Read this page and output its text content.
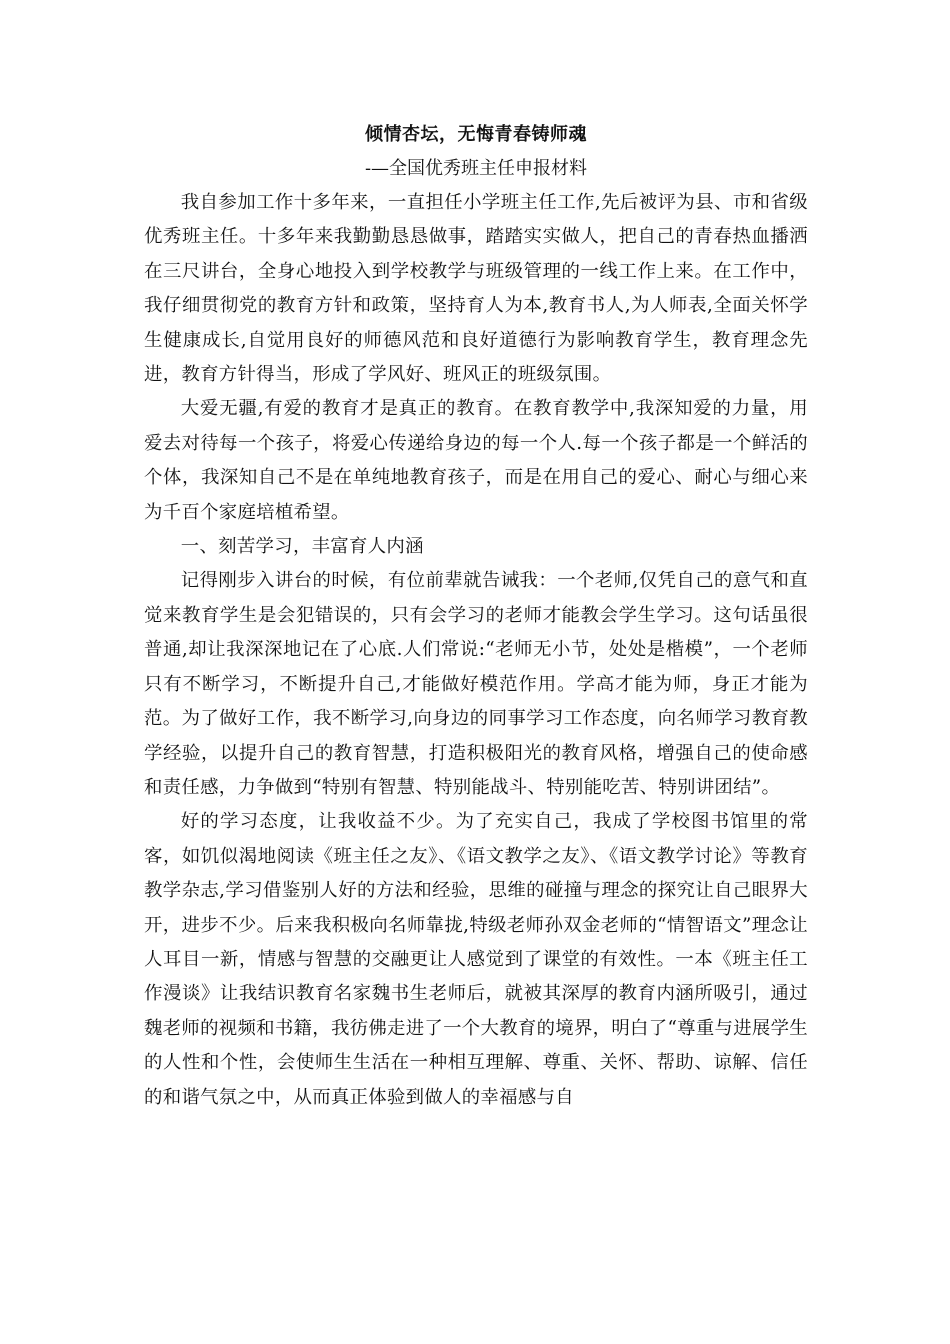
倾情杏坛，无悔青春铸师魂

-—全国优秀班主任申报材料

我自参加工作十多年来，一直担任小学班主任工作,先后被评为县、市和省级优秀班主任。十多年来我勤勤恳恳做事，踏踏实实做人，把自己的青春热血播洒在三尺讲台，全身心地投入到学校教学与班级管理的一线工作上来。在工作中，我仔细贯彻党的教育方针和政策，坚持育人为本,教育书人,为人师表,全面关怀学生健康成长,自觉用良好的师德风范和良好道德行为影响教育学生，教育理念先进，教育方针得当，形成了学风好、班风正的班级氛围。

大爱无疆,有爱的教育才是真正的教育。在教育教学中,我深知爱的力量，用爱去对待每一个孩子，将爱心传递给身边的每一个人.每一个孩子都是一个鲜活的个体，我深知自己不是在单纯地教育孩子，而是在用自己的爱心、耐心与细心来为千百个家庭培植希望。

一、刻苦学习，丰富育人内涵

记得刚步入讲台的时候，有位前辈就告诫我：一个老师,仅凭自己的意气和直觉来教育学生是会犯错误的，只有会学习的老师才能教会学生学习。这句话虽很普通,却让我深深地记在了心底.人们常说:“老师无小节，处处是楷模”，一个老师只有不断学习，不断提升自己,才能做好模范作用。学高才能为师，身正才能为范。为了做好工作，我不断学习,向身边的同事学习工作态度，向名师学习教育教学经验，以提升自己的教育智慧，打造积极阳光的教育风格，增强自己的使命感和责任感，力争做到“特别有智慧、特别能战斗、特别能吃苦、特别讲团结”。

好的学习态度，让我收益不少。为了充实自己，我成了学校图书馆里的常客，如饥似渴地阅读《班主任之友》、《语文教学之友》、《语文教学讨论》等教育教学杂志,学习借鉴别人好的方法和经验，思维的碰撞与理念的探究让自己眼界大开，进步不少。后来我积极向名师靠拢,特级老师孙双金老师的“情智语文”理念让人耳目一新，情感与智慧的交融更让人感觉到了课堂的有效性。一本《班主任工作漫谈》让我结识教育名家魏书生老师后，就被其深厚的教育内涵所吸引，通过魏老师的视频和书籍，我彷佛走进了一个大教育的境界，明白了“尊重与进展学生的人性和个性，会使师生生活在一种相互理解、尊重、关怀、帮助、谅解、信任的和谐气氛之中，从而真正体验到做人的幸福感与自
